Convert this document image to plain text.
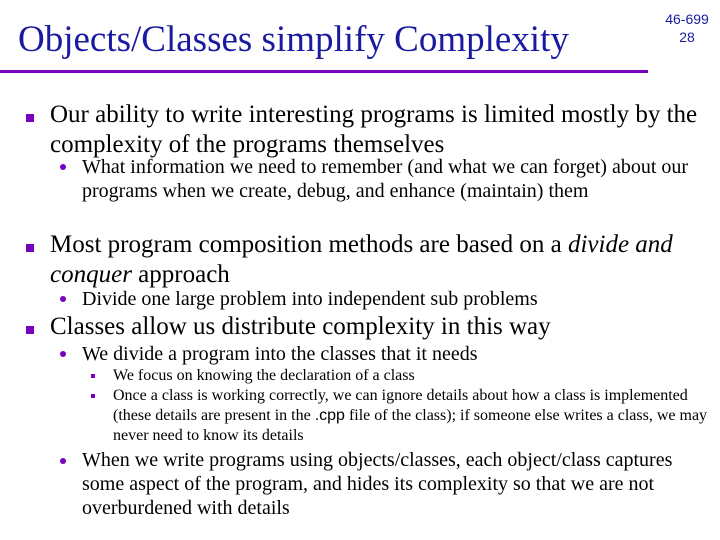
Objects/Classes simplify Complexity	46-699
28
Our ability to write interesting programs is limited mostly by the complexity of the programs themselves
What information we need to remember (and what we can forget) about our programs when we create, debug, and enhance (maintain) them
Most program composition methods are based on a divide and conquer approach
Divide one large problem into independent sub problems
Classes allow us distribute complexity in this way
We divide a program into the classes that it needs
We focus on knowing the declaration of a class
Once a class is working correctly, we can ignore details about how a class is implemented (these details are present in the .cpp file of the class); if someone else writes a class, we may never need to know its details
When we write programs using objects/classes, each object/class captures some aspect of the program, and hides its complexity so that we are not overburdened with details
